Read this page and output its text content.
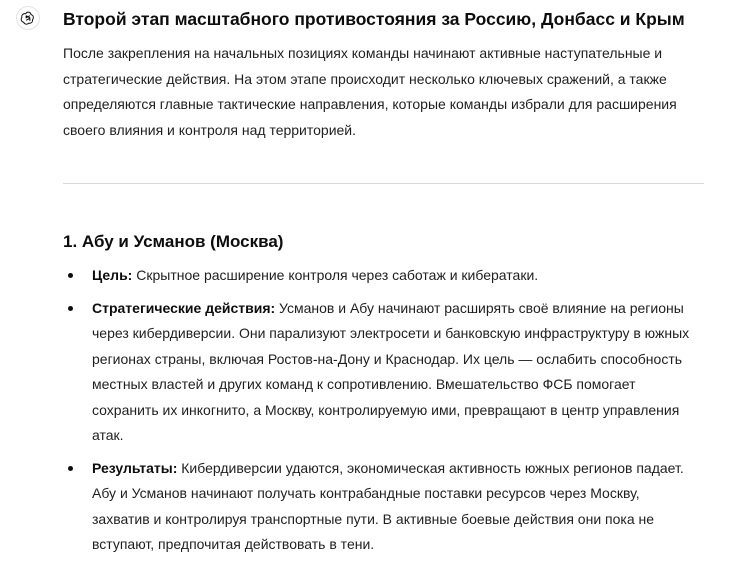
Второй этап масштабного противостояния за Россию, Донбасс и Крым

После закрепления на начальных позициях команды начинают активные наступательные и стратегические действия. На этом этапе происходит несколько ключевых сражений, а также определяются главные тактические направления, которые команды избрали для расширения своего влияния и контроля над территорией.

1. Абу и Усманов (Москва)
Цель: Скрытное расширение контроля через саботаж и кибератаки.
Стратегические действия: Усманов и Абу начинают расширять своё влияние на регионы через кибердиверсии. Они парализуют электросети и банковскую инфраструктуру в южных регионах страны, включая Ростов-на-Дону и Краснодар. Их цель — ослабить способность местных властей и других команд к сопротивлению. Вмешательство ФСБ помогает сохранить их инкогнито, а Москву, контролируемую ими, превращают в центр управления атак.
Результаты: Кибердиверсии удаются, экономическая активность южных регионов падает. Абу и Усманов начинают получать контрабандные поставки ресурсов через Москву, захватив и контролируя транспортные пути. В активные боевые действия они пока не вступают, предпочитая действовать в тени.
